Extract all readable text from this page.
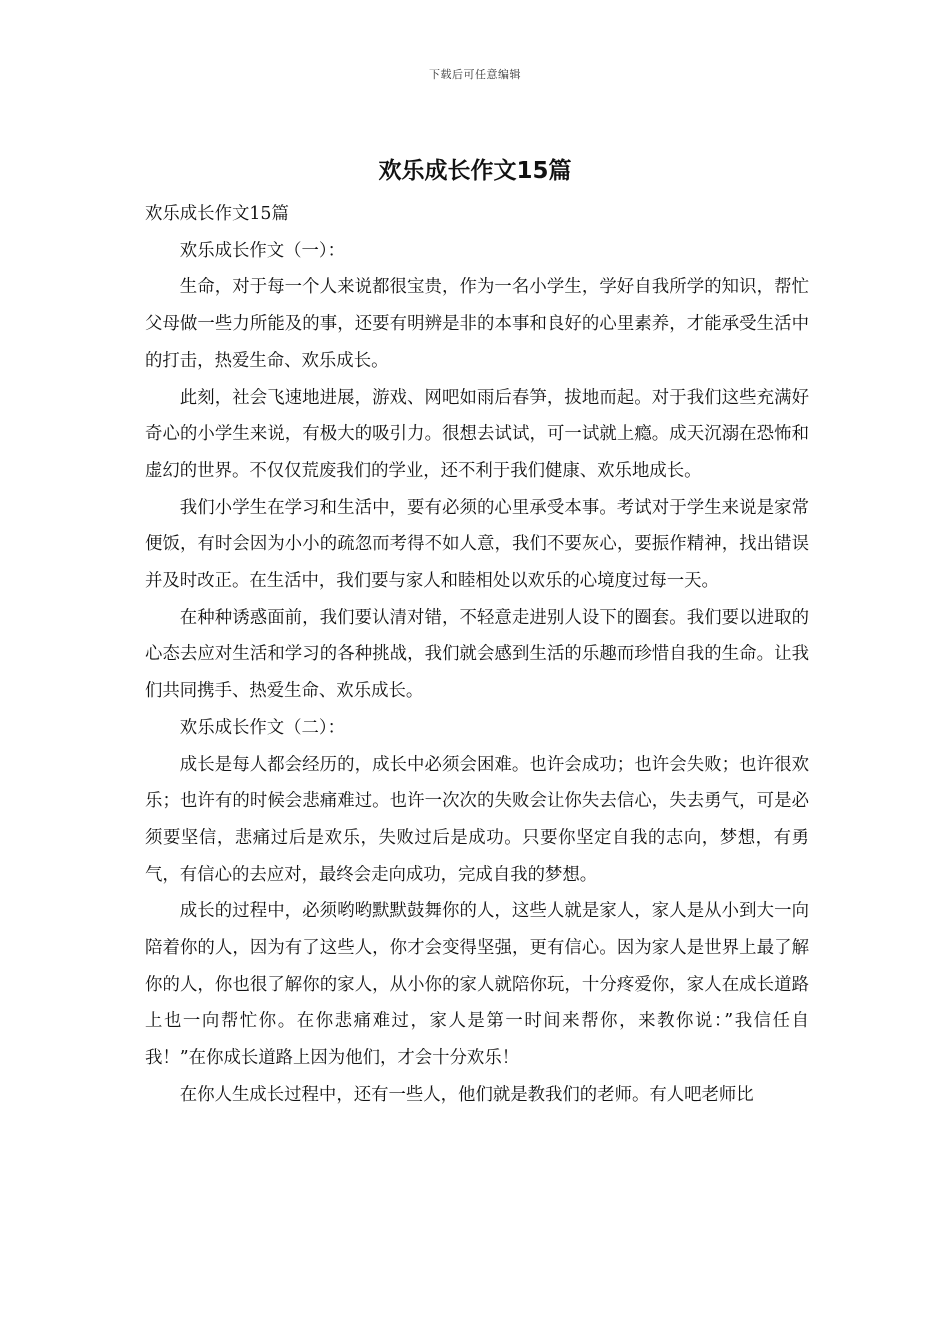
下载后可任意编辑
欢乐成长作文15篇

欢乐成长作文15篇

欢乐成长作文（一）：

生命，对于每一个人来说都很宝贵，作为一名小学生，学好自我所学的知识，帮忙父母做一些力所能及的事，还要有明辨是非的本事和良好的心里素养，才能承受生活中的打击，热爱生命、欢乐成长。

此刻，社会飞速地进展，游戏、网吧如雨后春笋，拔地而起。对于我们这些充满好奇心的小学生来说，有极大的吸引力。很想去试试，可一试就上瘾。成天沉溺在恐怖和虚幻的世界。不仅仅荒废我们的学业，还不利于我们健康、欢乐地成长。

我们小学生在学习和生活中，要有必须的心里承受本事。考试对于学生来说是家常便饭，有时会因为小小的疏忽而考得不如人意，我们不要灰心，要振作精神，找出错误并及时改正。在生活中，我们要与家人和睦相处以欢乐的心境度过每一天。

在种种诱惑面前，我们要认清对错，不轻意走进别人设下的圈套。我们要以进取的心态去应对生活和学习的各种挑战，我们就会感到生活的乐趣而珍惜自我的生命。让我们共同携手、热爱生命、欢乐成长。

欢乐成长作文（二）：

成长是每人都会经历的，成长中必须会困难。也许会成功；也许会失败；也许很欢乐；也许有的时候会悲痛难过。也许一次次的失败会让你失去信心，失去勇气，可是必须要坚信，悲痛过后是欢乐，失败过后是成功。只要你坚定自我的志向，梦想，有勇气，有信心的去应对，最终会走向成功，完成自我的梦想。

成长的过程中，必须哟哟默默鼓舞你的人，这些人就是家人，家人是从小到大一向陪着你的人，因为有了这些人，你才会变得坚强，更有信心。因为家人是世界上最了解你的人，你也很了解你的家人，从小你的家人就陪你玩，十分疼爱你，家人在成长道路上也一向帮忙你。在你悲痛难过，家人是第一时间来帮你，来教你说：”我信任自我！”在你成长道路上因为他们，才会十分欢乐！

在你人生成长过程中，还有一些人，他们就是教我们的老师。有人吧老师比
